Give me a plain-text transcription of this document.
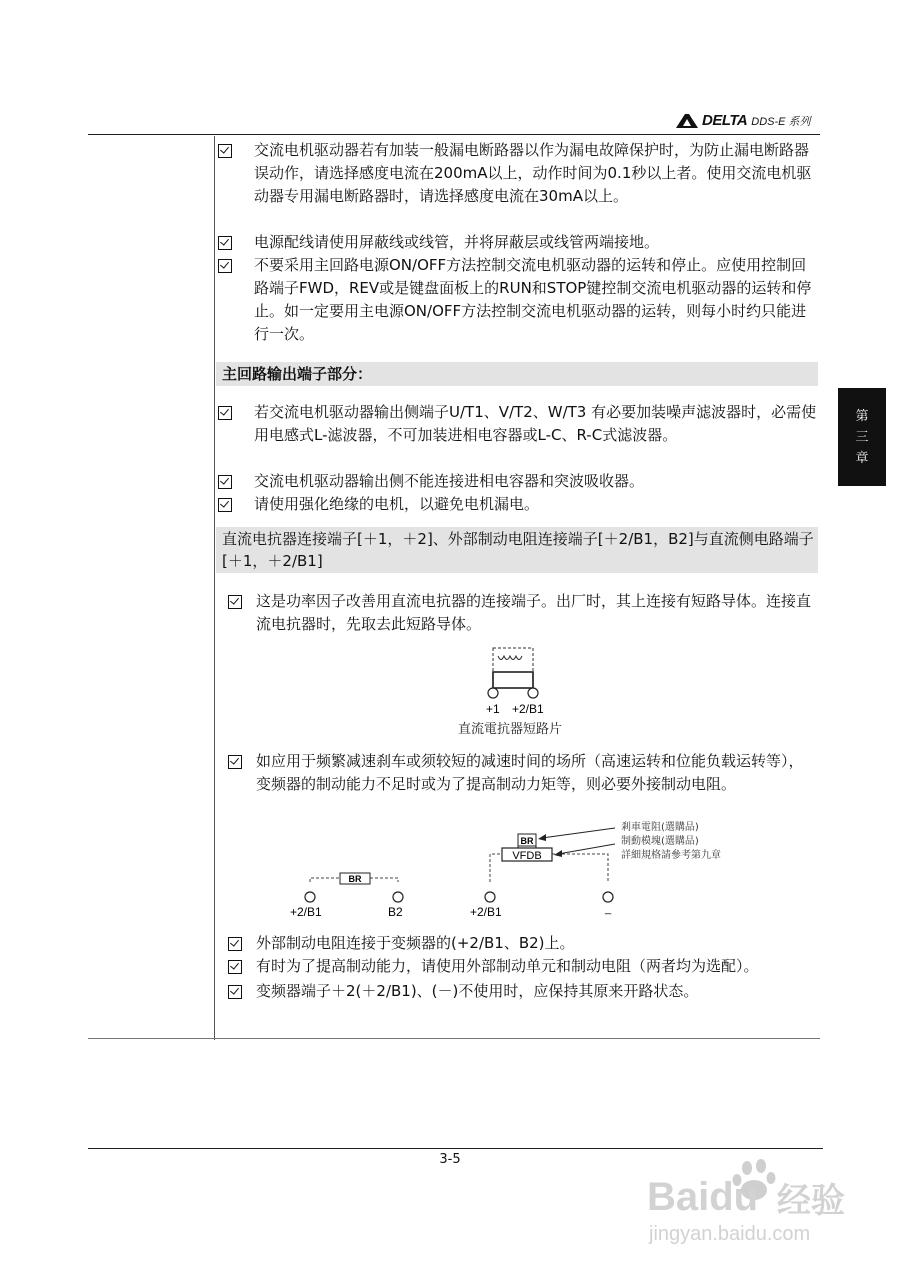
DELTA DDS-E 系列
第
三
章
交流电机驱动器若有加装一般漏电断路器以作为漏电故障保护时，为防止漏电断路器误动作，请选择感度电流在200mA以上，动作时间为0.1秒以上者。使用交流电机驱动器专用漏电断路器时，请选择感度电流在30mA以上。
电源配线请使用屏蔽线或线管，并将屏蔽层或线管两端接地。
不要采用主回路电源ON/OFF方法控制交流电机驱动器的运转和停止。应使用控制回路端子FWD，REV或是键盘面板上的RUN和STOP键控制交流电机驱动器的运转和停止。如一定要用主电源ON/OFF方法控制交流电机驱动器的运转，则每小时约只能进行一次。
主回路输出端子部分：
若交流电机驱动器输出侧端子U/T1、V/T2、W/T3 有必要加装噪声滤波器时，必需使用电感式L-滤波器，不可加装进相电容器或L-C、R-C式滤波器。
交流电机驱动器输出侧不能连接进相电容器和突波吸收器。
请使用强化绝缘的电机，以避免电机漏电。
直流电抗器连接端子[＋1，＋2]、外部制动电阻连接端子[＋2/B1，B2]与直流侧电路端子[＋1，＋2/B1]
这是功率因子改善用直流电抗器的连接端子。出厂时，其上连接有短路导体。连接直流电抗器时，先取去此短路导体。
+1 +2/B1
直流電抗器短路片
如应用于频繁减速刹车或须较短的减速时间的场所（高速运转和位能负载运转等），变频器的制动能力不足时或为了提高制动力矩等，则必要外接制动电阻。
BR
+2/B1	B2
VFDB
BR
+2/B1	_
剎車電阻(選購品)
制動模塊(選購品)
詳細規格請參考第九章
外部制动电阻连接于变频器的(+2/B1、B2)上。
有时为了提高制动能力，请使用外部制动单元和制动电阻（两者均为选配）。
变频器端子＋2(＋2/B1)、(－)不使用时，应保持其原来开路状态。
3-5
Baidu 经验
jingyan.baidu.com
